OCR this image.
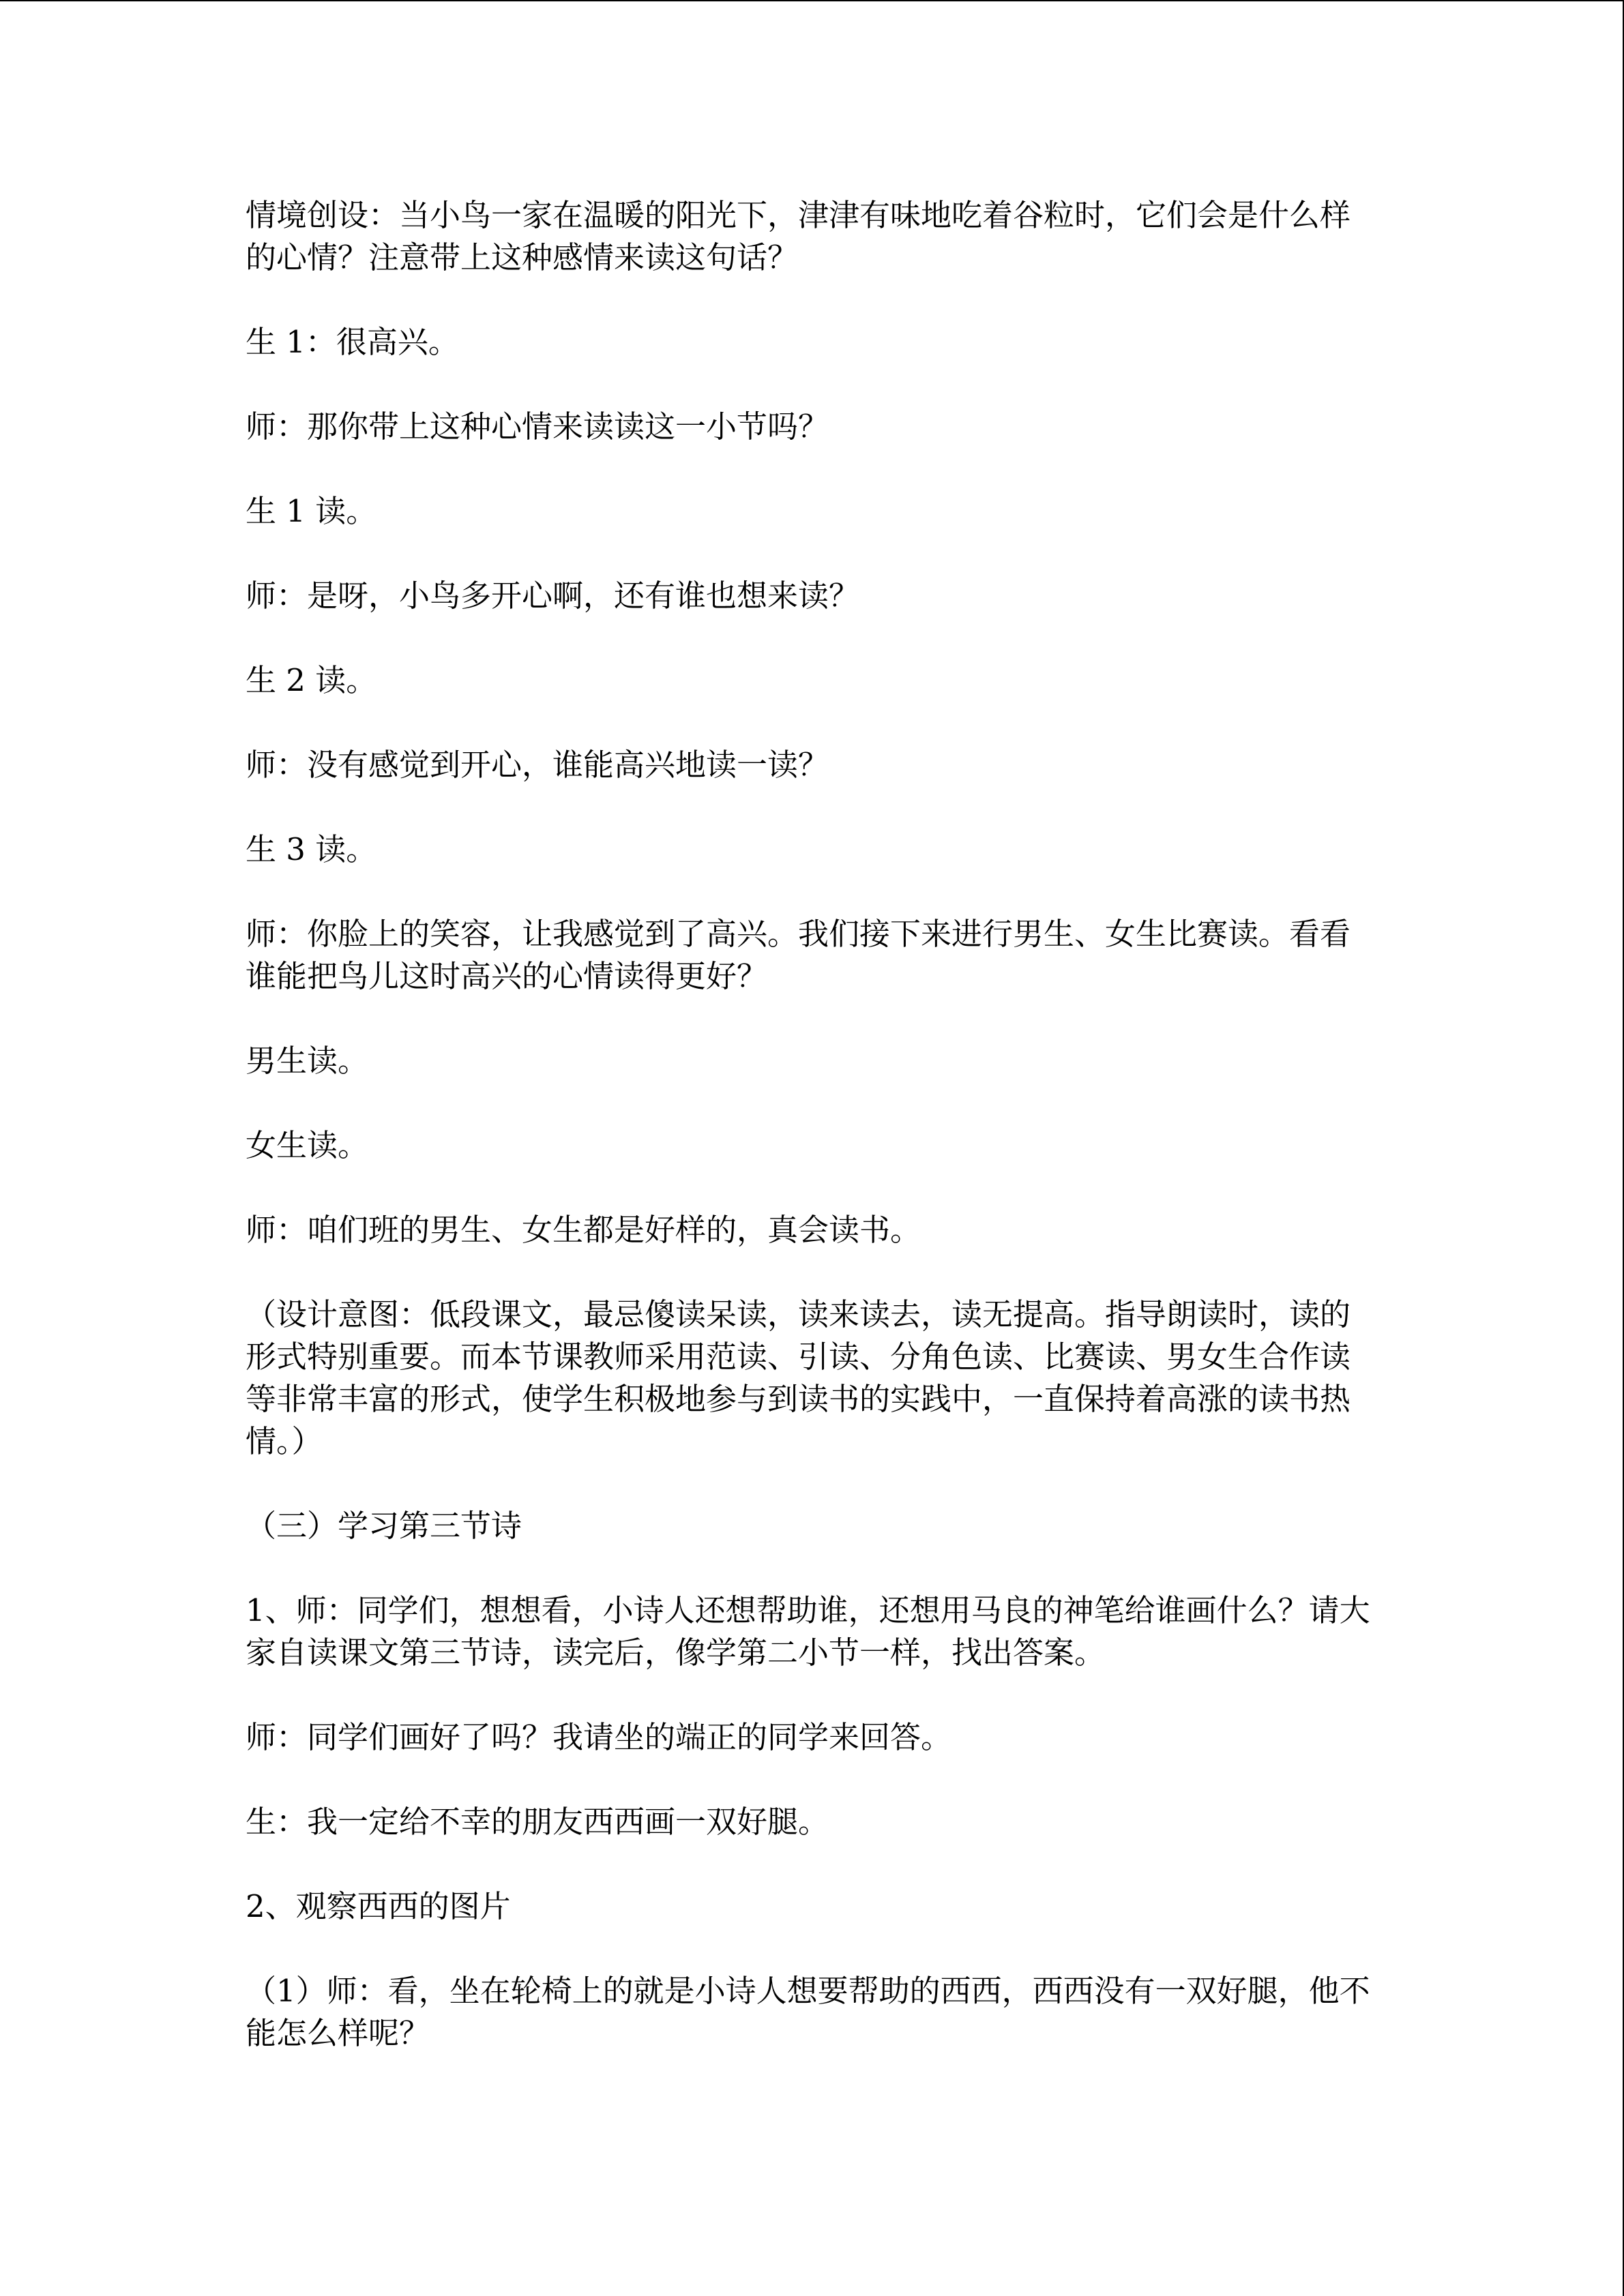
情境创设：当小鸟一家在温暖的阳光下，津津有味地吃着谷粒时，它们会是什么样的心情？注意带上这种感情来读这句话？

生 1：很高兴。

师：那你带上这种心情来读读这一小节吗？

生 1 读。

师：是呀，小鸟多开心啊，还有谁也想来读？

生 2 读。

师：没有感觉到开心，谁能高兴地读一读？

生 3 读。

师：你脸上的笑容，让我感觉到了高兴。我们接下来进行男生、女生比赛读。看看谁能把鸟儿这时高兴的心情读得更好？

男生读。

女生读。

师：咱们班的男生、女生都是好样的，真会读书。

（设计意图：低段课文，最忌傻读呆读，读来读去，读无提高。指导朗读时，读的形式特别重要。而本节课教师采用范读、引读、分角色读、比赛读、男女生合作读等非常丰富的形式，使学生积极地参与到读书的实践中，一直保持着高涨的读书热情。）

（三）学习第三节诗

1、师：同学们，想想看，小诗人还想帮助谁，还想用马良的神笔给谁画什么？请大家自读课文第三节诗，读完后，像学第二小节一样，找出答案。

师：同学们画好了吗？我请坐的端正的同学来回答。

生：我一定给不幸的朋友西西画一双好腿。

2、观察西西的图片

（1）师：看，坐在轮椅上的就是小诗人想要帮助的西西，西西没有一双好腿，他不能怎么样呢？
